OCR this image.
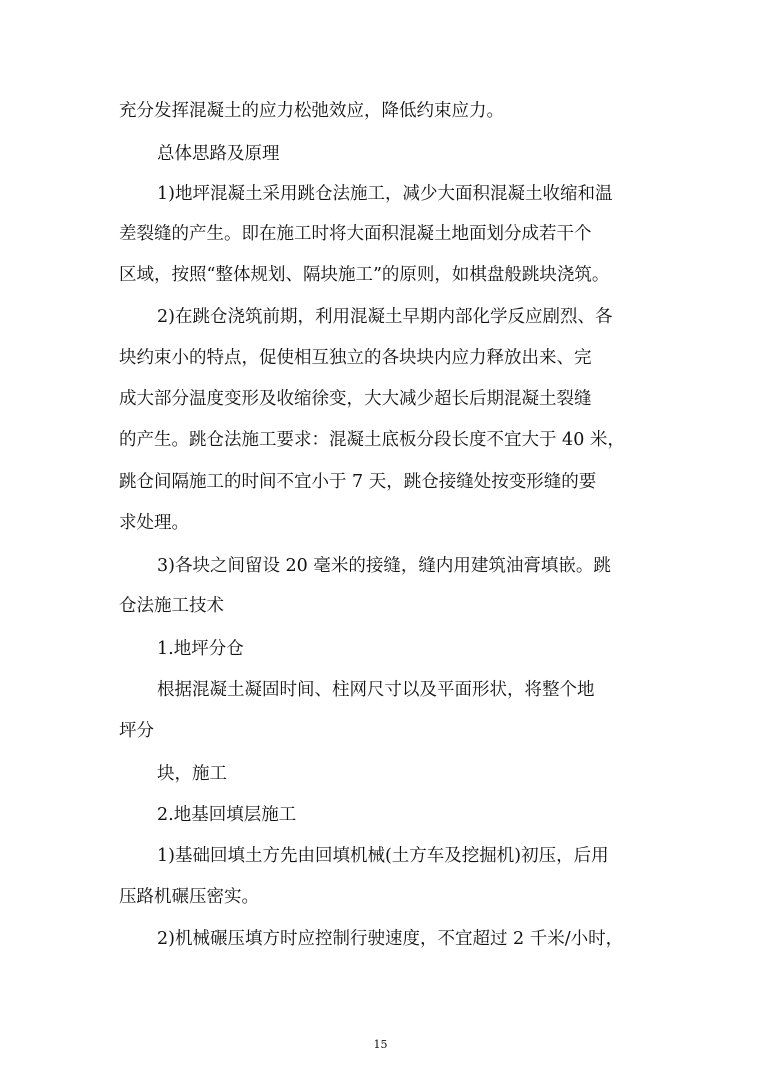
充分发挥混凝土的应力松弛效应，降低约束应力。
总体思路及原理
1)地坪混凝土采用跳仓法施工，减少大面积混凝土收缩和温
差裂缝的产生。即在施工时将大面积混凝土地面划分成若干个
区域，按照“整体规划、隔块施工”的原则，如棋盘般跳块浇筑。
2)在跳仓浇筑前期，利用混凝土早期内部化学反应剧烈、各
块约束小的特点，促使相互独立的各块块内应力释放出来、完
成大部分温度变形及收缩徐变，大大减少超长后期混凝土裂缝
的产生。跳仓法施工要求：混凝土底板分段长度不宜大于 40 米，
跳仓间隔施工的时间不宜小于 7 天，跳仓接缝处按变形缝的要
求处理。
3)各块之间留设 20 毫米的接缝，缝内用建筑油膏填嵌。跳
仓法施工技术
1.地坪分仓
根据混凝土凝固时间、柱网尺寸以及平面形状，将整个地
坪分
块，施工
2.地基回填层施工
1)基础回填土方先由回填机械(土方车及挖掘机)初压，后用
压路机碾压密实。
2)机械碾压填方时应控制行驶速度，不宜超过 2 千米/小时，
15
